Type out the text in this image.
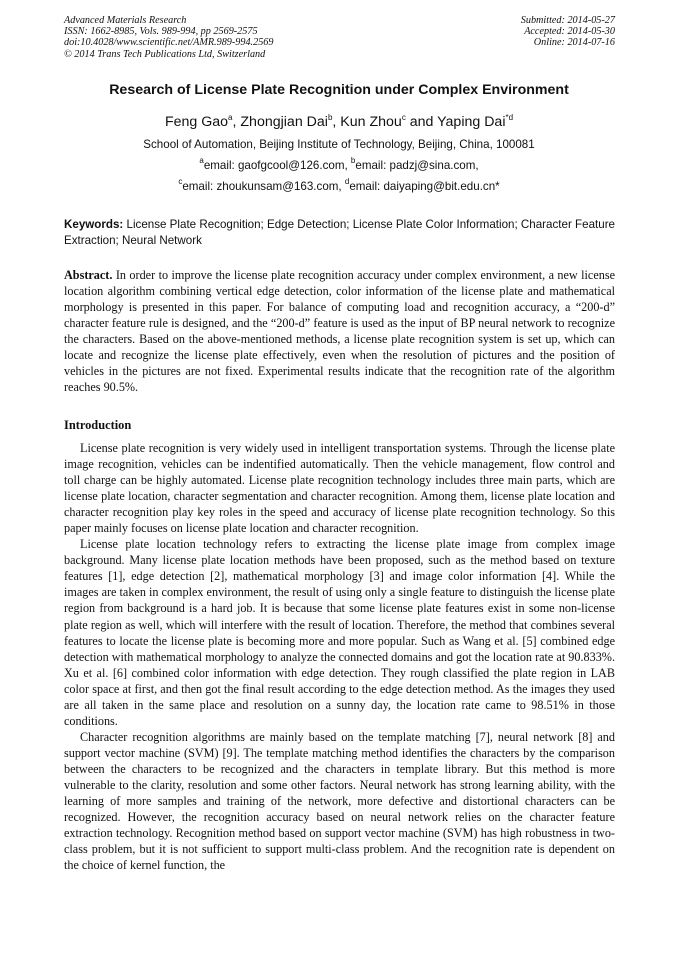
Advanced Materials Research
ISSN: 1662-8985, Vols. 989-994, pp 2569-2575
doi:10.4028/www.scientific.net/AMR.989-994.2569
© 2014 Trans Tech Publications Ltd, Switzerland
Submitted: 2014-05-27
Accepted: 2014-05-30
Online: 2014-07-16
Research of License Plate Recognition under Complex Environment
Feng Gao$^a$, Zhongjian Dai$^b$, Kun Zhou$^c$ and Yaping Dai$^{*d}$
School of Automation, Beijing Institute of Technology, Beijing, China, 100081
$^a$email: gaofgcool@126.com, $^b$email: padzj@sina.com,
$^c$email: zhoukunsam@163.com, $^d$email: daiyaping@bit.edu.cn*
Keywords: License Plate Recognition; Edge Detection; License Plate Color Information; Character Feature Extraction; Neural Network
Abstract. In order to improve the license plate recognition accuracy under complex environment, a new license location algorithm combining vertical edge detection, color information of the license plate and mathematical morphology is presented in this paper. For balance of computing load and recognition accuracy, a “200-d” character feature rule is designed, and the “200-d” feature is used as the input of BP neural network to recognize the characters. Based on the above-mentioned methods, a license plate recognition system is set up, which can locate and recognize the license plate effectively, even when the resolution of pictures and the position of vehicles in the pictures are not fixed. Experimental results indicate that the recognition rate of the algorithm reaches 90.5%.
Introduction

License plate recognition is very widely used in intelligent transportation systems. Through the license plate image recognition, vehicles can be indentified automatically. Then the vehicle management, flow control and toll charge can be highly automated. License plate recognition technology includes three main parts, which are license plate location, character segmentation and character recognition. Among them, license plate location and character recognition play key roles in the speed and accuracy of license plate recognition technology. So this paper mainly focuses on license plate location and character recognition.

License plate location technology refers to extracting the license plate image from complex image background. Many license plate location methods have been proposed, such as the method based on texture features [1], edge detection [2], mathematical morphology [3] and image color information [4]. While the images are taken in complex environment, the result of using only a single feature to distinguish the license plate region from background is a hard job. It is because that some license plate features exist in some non-license plate region as well, which will interfere with the result of location. Therefore, the method that combines several features to locate the license plate is becoming more and more popular. Such as Wang et al. [5] combined edge detection with mathematical morphology to analyze the connected domains and got the location rate at 90.833%. Xu et al. [6] combined color information with edge detection. They rough classified the plate region in LAB color space at first, and then got the final result according to the edge detection method. As the images they used are all taken in the same place and resolution on a sunny day, the location rate came to 98.51% in those conditions.

Character recognition algorithms are mainly based on the template matching [7], neural network [8] and support vector machine (SVM) [9]. The template matching method identifies the characters by the comparison between the characters to be recognized and the characters in template library. But this method is more vulnerable to the clarity, resolution and some other factors. Neural network has strong learning ability, with the learning of more samples and training of the network, more defective and distortional characters can be recognized. However, the recognition accuracy based on neural network relies on the character feature extraction technology. Recognition method based on support vector machine (SVM) has high robustness in two-class problem, but it is not sufficient to support multi-class problem. And the recognition rate is dependent on the choice of kernel function, the
